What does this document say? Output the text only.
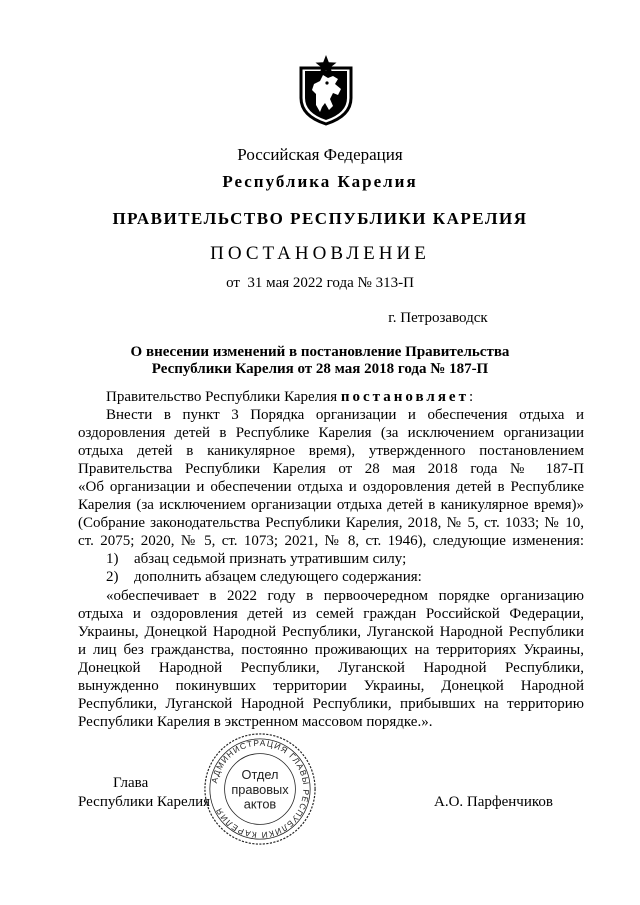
Российская Федерация
Республика Карелия
ПРАВИТЕЛЬСТВО РЕСПУБЛИКИ КАРЕЛИЯ
ПОСТАНОВЛЕНИЕ
от  31 мая 2022 года № 313-П
г. Петрозаводск
О внесении изменений в постановление Правительства
Республики Карелия от 28 мая 2018 года № 187-П
Правительство Республики Карелия постановляет:
Внести в пункт 3 Порядка организации и обеспечения отдыха и
оздоровления детей в Республике Карелия (за исключением организации
отдыха детей в каникулярное время), утвержденного постановлением
Правительства Республики Карелия от 28 мая 2018 года № 187-П
«Об организации и обеспечении отдыха и оздоровления детей в Республике
Карелия (за исключением организации отдыха детей в каникулярное время)»
(Собрание законодательства Республики Карелия, 2018, № 5, ст. 1033; № 10,
ст. 2075; 2020, № 5, ст. 1073; 2021, № 8, ст. 1946), следующие изменения:
1) абзац седьмой признать утратившим силу;
2) дополнить абзацем следующего содержания:
«обеспечивает в 2022 году в первоочередном порядке организацию
отдыха и оздоровления детей из семей граждан Российской Федерации,
Украины, Донецкой Народной Республики, Луганской Народной Республики
и лиц без гражданства, постоянно проживающих на территориях Украины,
Донецкой Народной Республики, Луганской Народной Республики,
вынужденно покинувших территории Украины, Донецкой Народной
Республики, Луганской Народной Республики, прибывших на территорию
Республики Карелия в экстренном массовом порядке.».
Глава
Республики Карелия	А.О. Парфенчиков
АДМИНИСТРАЦИЯ ГЛАВЫ РЕСПУБЛИКИ КАРЕЛИЯ
Отдел
правовых
актов
